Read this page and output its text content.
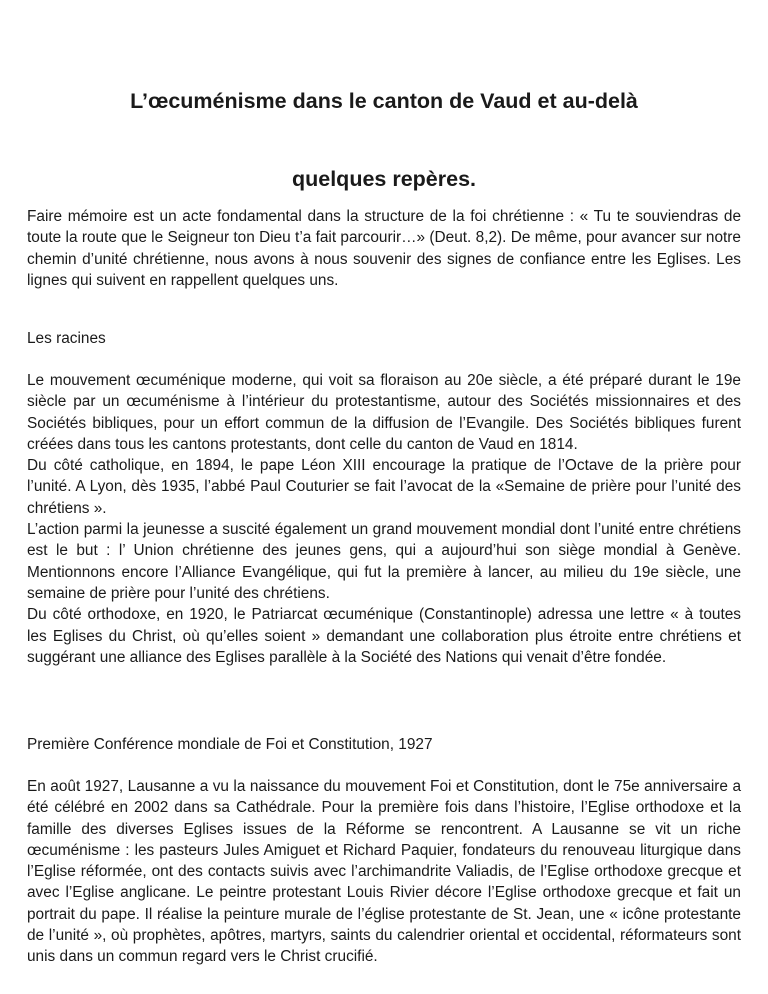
L’œcuménisme dans le canton de Vaud et au-delà
quelques repères.

Faire mémoire est un acte fondamental dans la structure de la foi chrétienne : « Tu te souviendras de toute la route que le Seigneur ton Dieu t’a fait parcourir…» (Deut. 8,2). De même, pour avancer sur notre chemin d’unité chrétienne, nous avons à nous souvenir des signes de confiance entre les Eglises. Les lignes qui suivent en rappellent quelques uns.

Les racines

Le mouvement œcuménique moderne, qui voit sa floraison au 20e siècle, a été préparé durant le 19e siècle par un œcuménisme à l’intérieur du protestantisme, autour des Sociétés missionnaires et des Sociétés bibliques, pour un effort commun de la diffusion de l’Evangile. Des Sociétés bibliques furent créées dans tous les cantons protestants, dont celle du canton de Vaud en 1814.
Du côté catholique, en 1894, le pape Léon XIII encourage la pratique de l’Octave de la prière pour l’unité. A Lyon, dès 1935, l’abbé Paul Couturier se fait l’avocat de la «Semaine de prière pour l’unité des chrétiens ».
L’action parmi la jeunesse a suscité également un grand mouvement mondial dont l’unité entre chrétiens est le but : l’ Union chrétienne des jeunes gens, qui a aujourd’hui son siège mondial à Genève. Mentionnons encore l’Alliance Evangélique, qui fut la première à lancer, au milieu du 19e siècle, une semaine de prière pour l’unité des chrétiens.
Du côté orthodoxe, en 1920, le Patriarcat œcuménique (Constantinople) adressa une lettre « à toutes les Eglises du Christ, où qu’elles soient » demandant une collaboration plus étroite entre chrétiens et suggérant une alliance des Eglises parallèle à la Société des Nations qui venait d’être fondée.

Première Conférence mondiale de Foi et Constitution, 1927

En août 1927, Lausanne a vu la naissance du mouvement Foi et Constitution, dont le 75e anniversaire a été célébré en 2002 dans sa Cathédrale. Pour la première fois dans l’histoire, l’Eglise orthodoxe et la famille des diverses Eglises issues de la Réforme se rencontrent. A Lausanne se vit un riche œcuménisme : les pasteurs Jules Amiguet et Richard Paquier, fondateurs du renouveau liturgique dans l’Eglise réformée, ont des contacts suivis avec l’archimandrite Valiadis, de l’Eglise orthodoxe grecque et avec l’Eglise anglicane. Le peintre protestant Louis Rivier décore l’Eglise orthodoxe grecque et fait un portrait du pape. Il réalise la peinture murale de l’église protestante de St. Jean, une « icône protestante de l’unité », où prophètes, apôtres, martyrs, saints du calendrier oriental et occidental, réformateurs sont unis dans un commun regard vers le Christ crucifié.
